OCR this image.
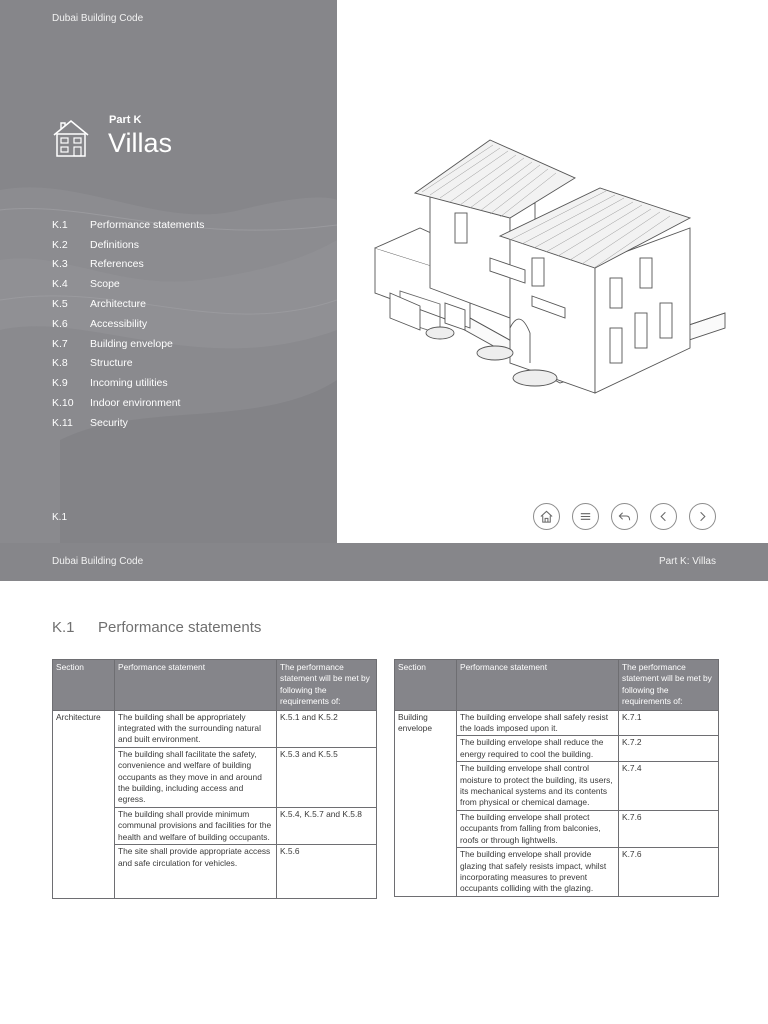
Dubai Building Code
Part K
Villas
K.1	Performance statements
K.2	Definitions
K.3	References
K.4	Scope
K.5	Architecture
K.6	Accessibility
K.7	Building envelope
K.8	Structure
K.9	Incoming utilities
K.10	Indoor environment
K.11	Security
K.1
Dubai Building Code	Part K: Villas
K.1	Performance statements
Section	Performance statement	The performance statement will be met by following the requirements of:
Architecture	The building shall be appropriately integrated with the surrounding natural and built environment.	K.5.1 and K.5.2
	The building shall facilitate the safety, convenience and welfare of building occupants as they move in and around the building, including access and egress.	K.5.3 and K.5.5
	The building shall provide minimum communal provisions and facilities for the health and welfare of building occupants.	K.5.4, K.5.7 and K.5.8
	The site shall provide appropriate access and safe circulation for vehicles.	K.5.6
Section	Performance statement	The performance statement will be met by following the requirements of:
Building envelope	The building envelope shall safely resist the loads imposed upon it.	K.7.1
	The building envelope shall reduce the energy required to cool the building.	K.7.2
	The building envelope shall control moisture to protect the building, its users, its mechanical systems and its contents from physical or chemical damage.	K.7.4
	The building envelope shall protect occupants from falling from balconies, roofs or through lightwells.	K.7.6
	The building envelope shall provide glazing that safely resists impact, whilst incorporating measures to prevent occupants colliding with the glazing.	K.7.6
